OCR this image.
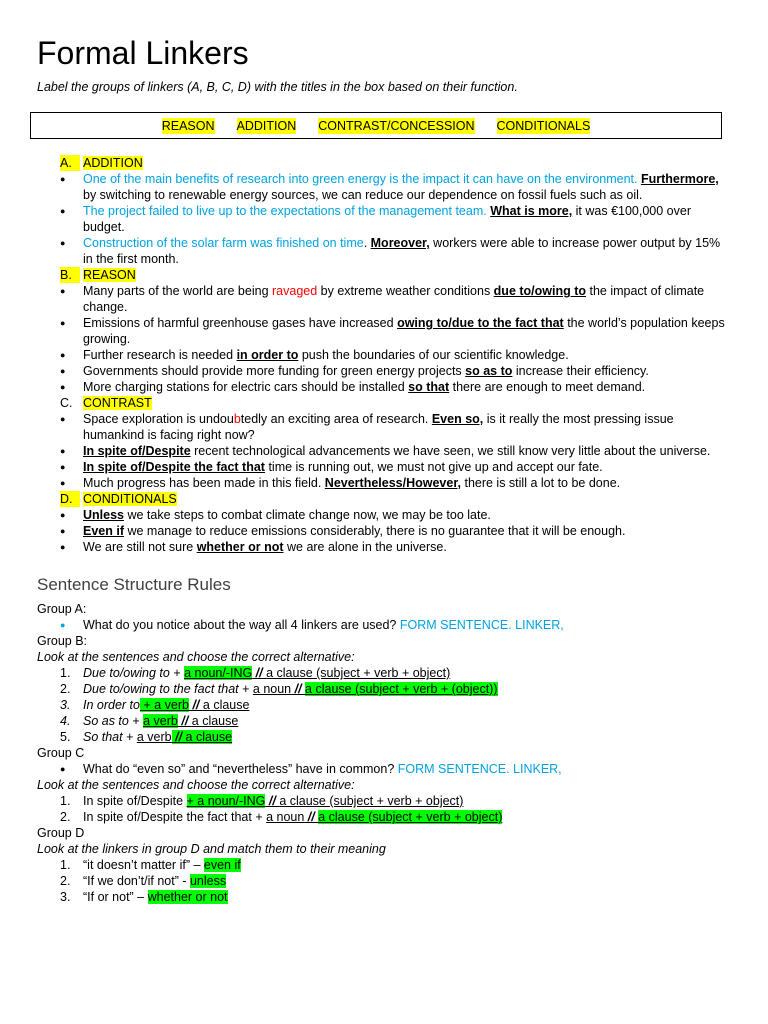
Formal Linkers
Label the groups of linkers (A, B, C, D) with the titles in the box based on their function.
REASON ADDITION CONTRAST/CONCESSION CONDITIONALS
A. ADDITION
● One of the main benefits of research into green energy is the impact it can have on the environment. Furthermore, by switching to renewable energy sources, we can reduce our dependence on fossil fuels such as oil.
● The project failed to live up to the expectations of the management team. What is more, it was €100,000 over budget.
● Construction of the solar farm was finished on time. Moreover, workers were able to increase power output by 15% in the first month.
B. REASON
● Many parts of the world are being ravaged by extreme weather conditions due to/owing to the impact of climate change.
● Emissions of harmful greenhouse gases have increased owing to/due to the fact that the world’s population keeps growing.
● Further research is needed in order to push the boundaries of our scientific knowledge.
● Governments should provide more funding for green energy projects so as to increase their efficiency.
● More charging stations for electric cars should be installed so that there are enough to meet demand.
C. CONTRAST
● Space exploration is undoubtedly an exciting area of research. Even so, is it really the most pressing issue humankind is facing right now?
● In spite of/Despite recent technological advancements we have seen, we still know very little about the universe.
● In spite of/Despite the fact that time is running out, we must not give up and accept our fate.
● Much progress has been made in this field. Nevertheless/However, there is still a lot to be done.
D. CONDITIONALS
● Unless we take steps to combat climate change now, we may be too late.
● Even if we manage to reduce emissions considerably, there is no guarantee that it will be enough.
● We are still not sure whether or not we are alone in the universe.
Sentence Structure Rules
Group A:
● What do you notice about the way all 4 linkers are used? FORM SENTENCE. LINKER,
Group B:
Look at the sentences and choose the correct alternative:
1.	Due to/owing to + a noun/-ING // a clause (subject + verb + object)
2.	Due to/owing to the fact that + a noun // a clause (subject + verb + (object))
3.	In order to + a verb // a clause
4.	So as to + a verb // a clause
5.	So that + a verb // a clause
Group C
● What do “even so” and “nevertheless” have in common? FORM SENTENCE. LINKER,
Look at the sentences and choose the correct alternative:
1.	In spite of/Despite + a noun/-ING // a clause (subject + verb + object)
2.	In spite of/Despite the fact that + a noun // a clause (subject + verb + object)
Group D
Look at the linkers in group D and match them to their meaning
1.	“it doesn’t matter if” – even if
2.	“If we don’t/if not” - unless
3.	“If or not” – whether or not
